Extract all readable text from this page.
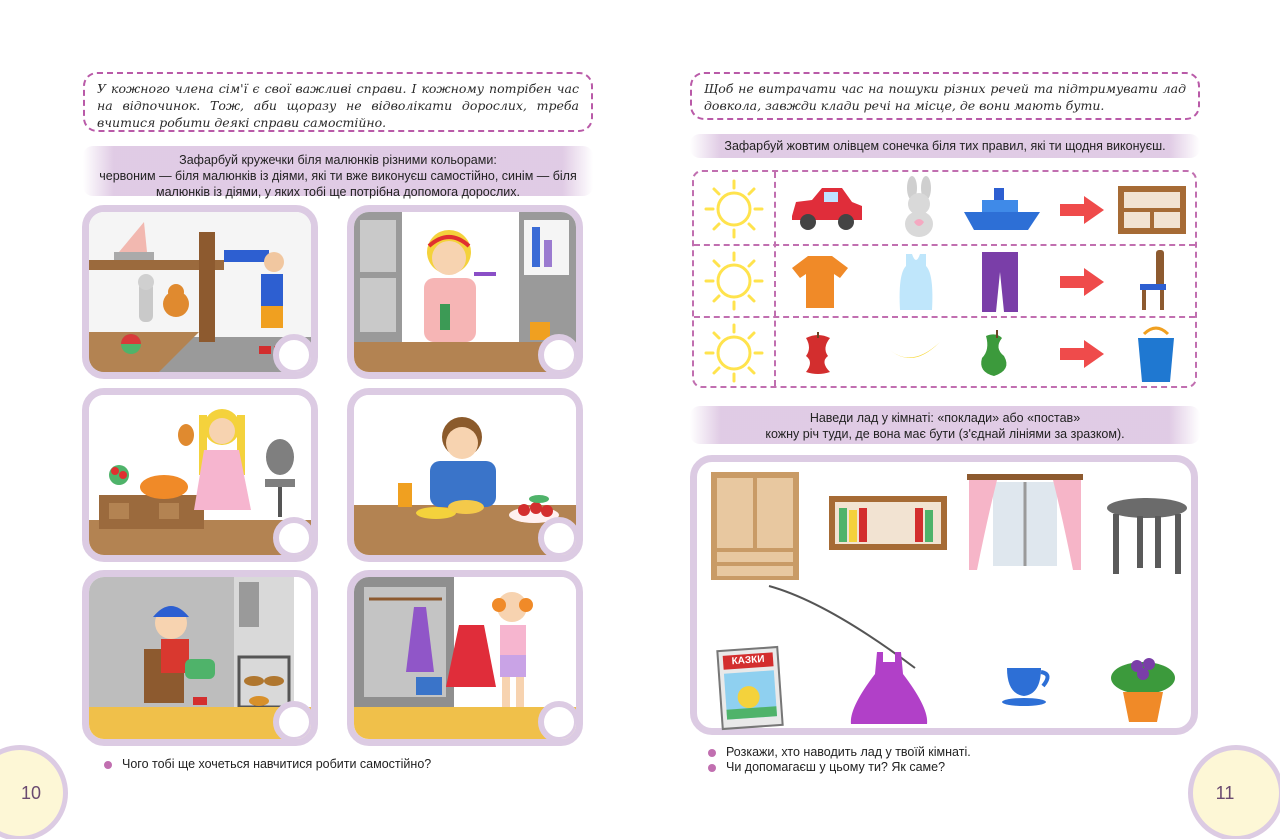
У кожного члена сім'ї є свої важливі справи. І кожному потрібен час на відпочинок. Тож, аби щоразу не відволікати дорослих, треба вчитися робити деякі справи самостійно.
Зафарбуй кружечки біля малюнків різними кольорами:
червоним — біля малюнків із діями, які ти вже виконуєш самостійно, синім — біля
малюнків із діями, у яких тобі ще потрібна допомога дорослих.
Чого тобі ще хочеться навчитися робити самостійно?
10
Щоб не витрачати час на пошуки різних речей та підтримувати лад довкола, завжди клади речі на місце, де вони мають бути.
Зафарбуй жовтим олівцем сонечка біля тих правил, які ти щодня виконуєш.
Наведи лад у кімнаті: «поклади» або «постав»
кожну річ туди, де вона має бути (з'єднай лініями за зразком).
КАЗКИ
Розкажи, хто наводить лад у твоїй кімнаті.
Чи допомагаєш у цьому ти? Як саме?
11
